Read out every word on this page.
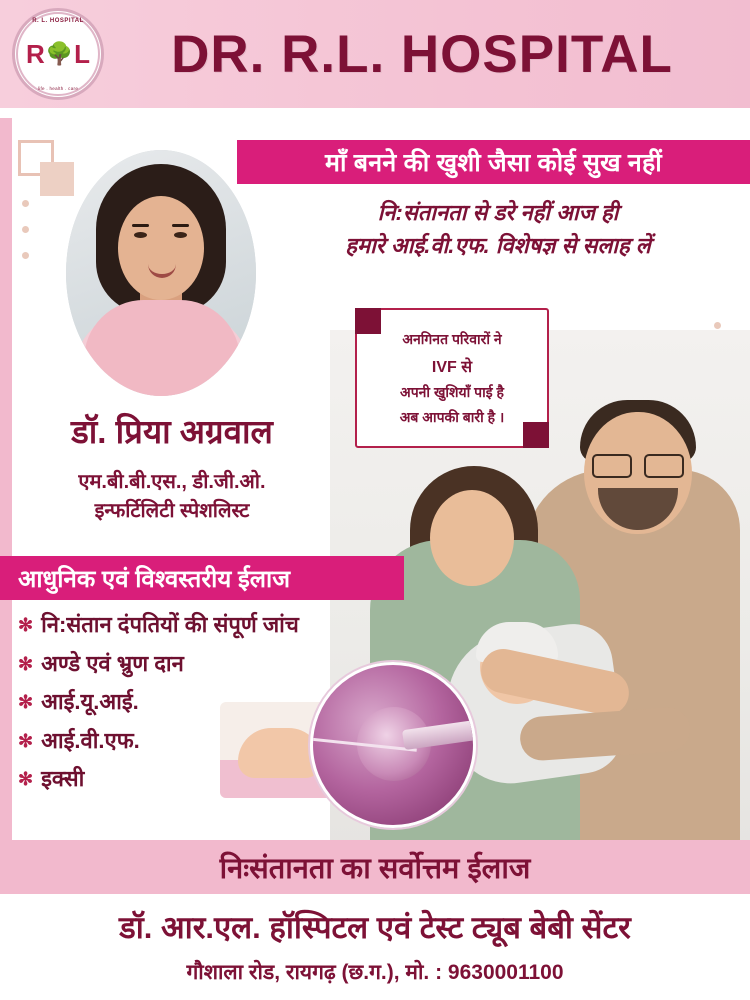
R. L. HOSPITAL
R 🌳 L
life . health . care
DR. R.L. HOSPITAL
माँ बनने की खुशी जैसा कोई सुख नहीं
नि:संतानता से डरे नहीं आज ही
हमारे आई.वी.एफ. विशेषज्ञ से सलाह लें
अनगिनत परिवारों ने
IVF से
अपनी खुशियाँ पाई है
अब आपकी बारी है ।
डॉ. प्रिया अग्रवाल
एम.बी.बी.एस., डी.जी.ओ.
इन्फर्टिलिटी स्पेशलिस्ट
आधुनिक एवं विश्वस्तरीय ईलाज
✻ नि:संतान दंपतियों की संपूर्ण जांच
✻ अण्डे एवं भ्रुण दान
✻ आई.यू.आई.
✻ आई.वी.एफ.
✻ इक्सी
निःसंतानता का सर्वोत्तम ईलाज
डॉ. आर.एल. हॉस्पिटल एवं टेस्ट ट्यूब बेबी सेंटर
गौशाला रोड, रायगढ़ (छ.ग.), मो. : 9630001100
